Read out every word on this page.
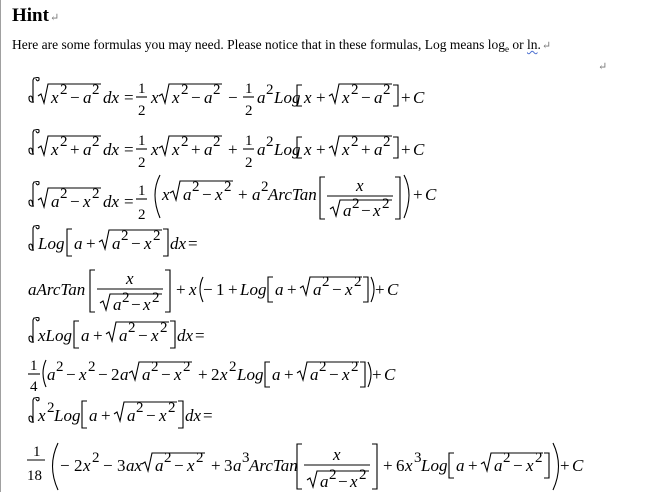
Hint↵
Here are some formulas you may need. Please notice that in these formulas, Log means $\log_e$ or ln.↵
↵
x 2 − a 2 dx = 1
2
x x 2 − a 2 − 1
2
a 2 Log x + x 2 − a 2 + C
x 2 + a 2 dx = 1
2
x x 2 + a 2 + 1
2
a 2 Log x + x 2 + a 2 + C
a 2 − x 2 dx =
1
2
x a 2 − x 2 + a 2 ArcTan x
a 2 − x 2 + C
Log a + a 2 − x 2 dx =
aArcTan
x
a 2 − x 2 + x − 1 + Log a + a 2 − x 2 + C
xLog a + a 2 − x 2 dx =
1
4
a 2 − x 2 − 2 a a 2 − x 2 + 2 x 2 Log a + a 2 − x 2 + C
x 2 Log a + a 2 − x 2 dx =
1
18
− 2 x 2 − 3 ax a 2 − x 2 + 3 a 3 ArcTan
x
a 2 − x 2 + 6 x 3 Log a + a 2 − x 2 + C
